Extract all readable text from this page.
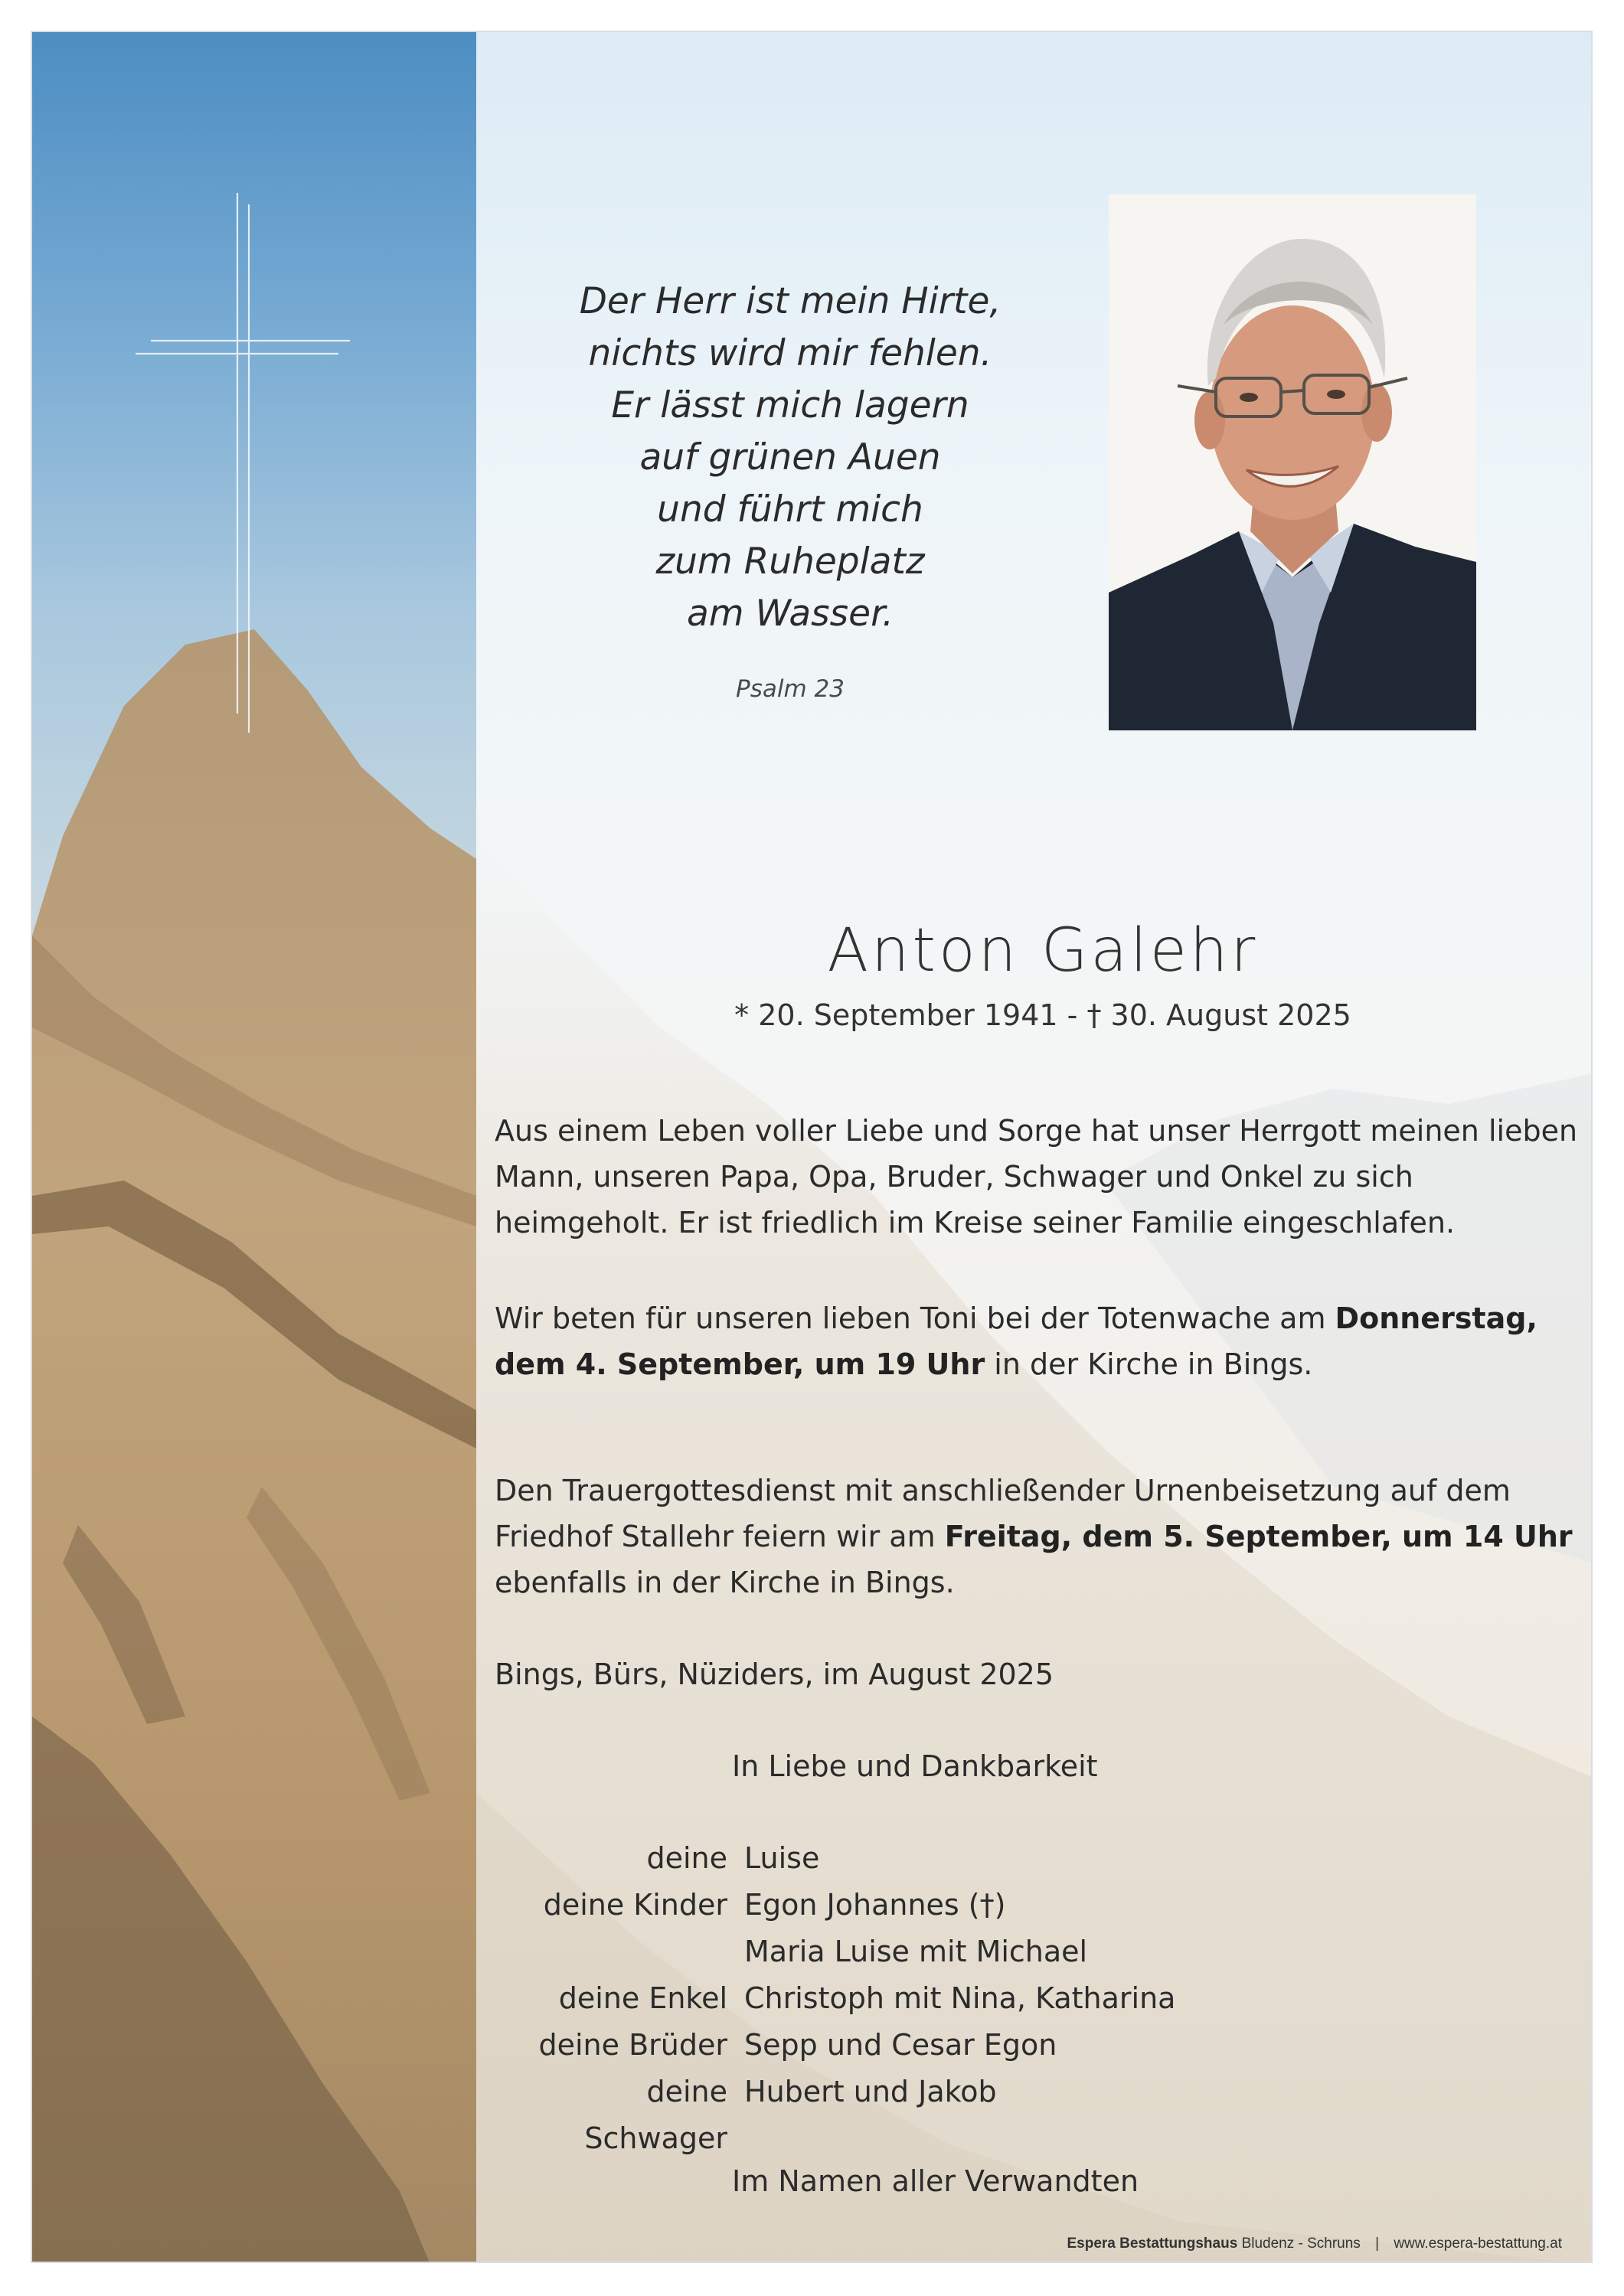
Der Herr ist mein Hirte,
nichts wird mir fehlen.
Er lässt mich lagern
auf grünen Auen
und führt mich
zum Ruheplatz
am Wasser.
Psalm 23
Anton Galehr
* 20. September 1941 - † 30. August 2025
Aus einem Leben voller Liebe und Sorge hat unser Herrgott meinen lieben Mann, unseren Papa, Opa, Bruder, Schwager und Onkel zu sich heimgeholt. Er ist friedlich im Kreise seiner Familie eingeschlafen.
Wir beten für unseren lieben Toni bei der Totenwache am Donnerstag, dem 4. September, um 19 Uhr in der Kirche in Bings.
Den Trauergottesdienst mit anschließender Urnenbeisetzung auf dem Friedhof Stallehr feiern wir am Freitag, dem 5. September, um 14 Uhr ebenfalls in der Kirche in Bings.
Bings, Bürs, Nüziders, im August 2025
In Liebe und Dankbarkeit
deine	Luise
deine Kinder	Egon Johannes (†)
	Maria Luise mit Michael
deine Enkel	Christoph mit Nina, Katharina
deine Brüder	Sepp und Cesar Egon
deine Schwager	Hubert und Jakob
Im Namen aller Verwandten
Espera Bestattungshaus Bludenz - Schruns | www.espera-bestattung.at
